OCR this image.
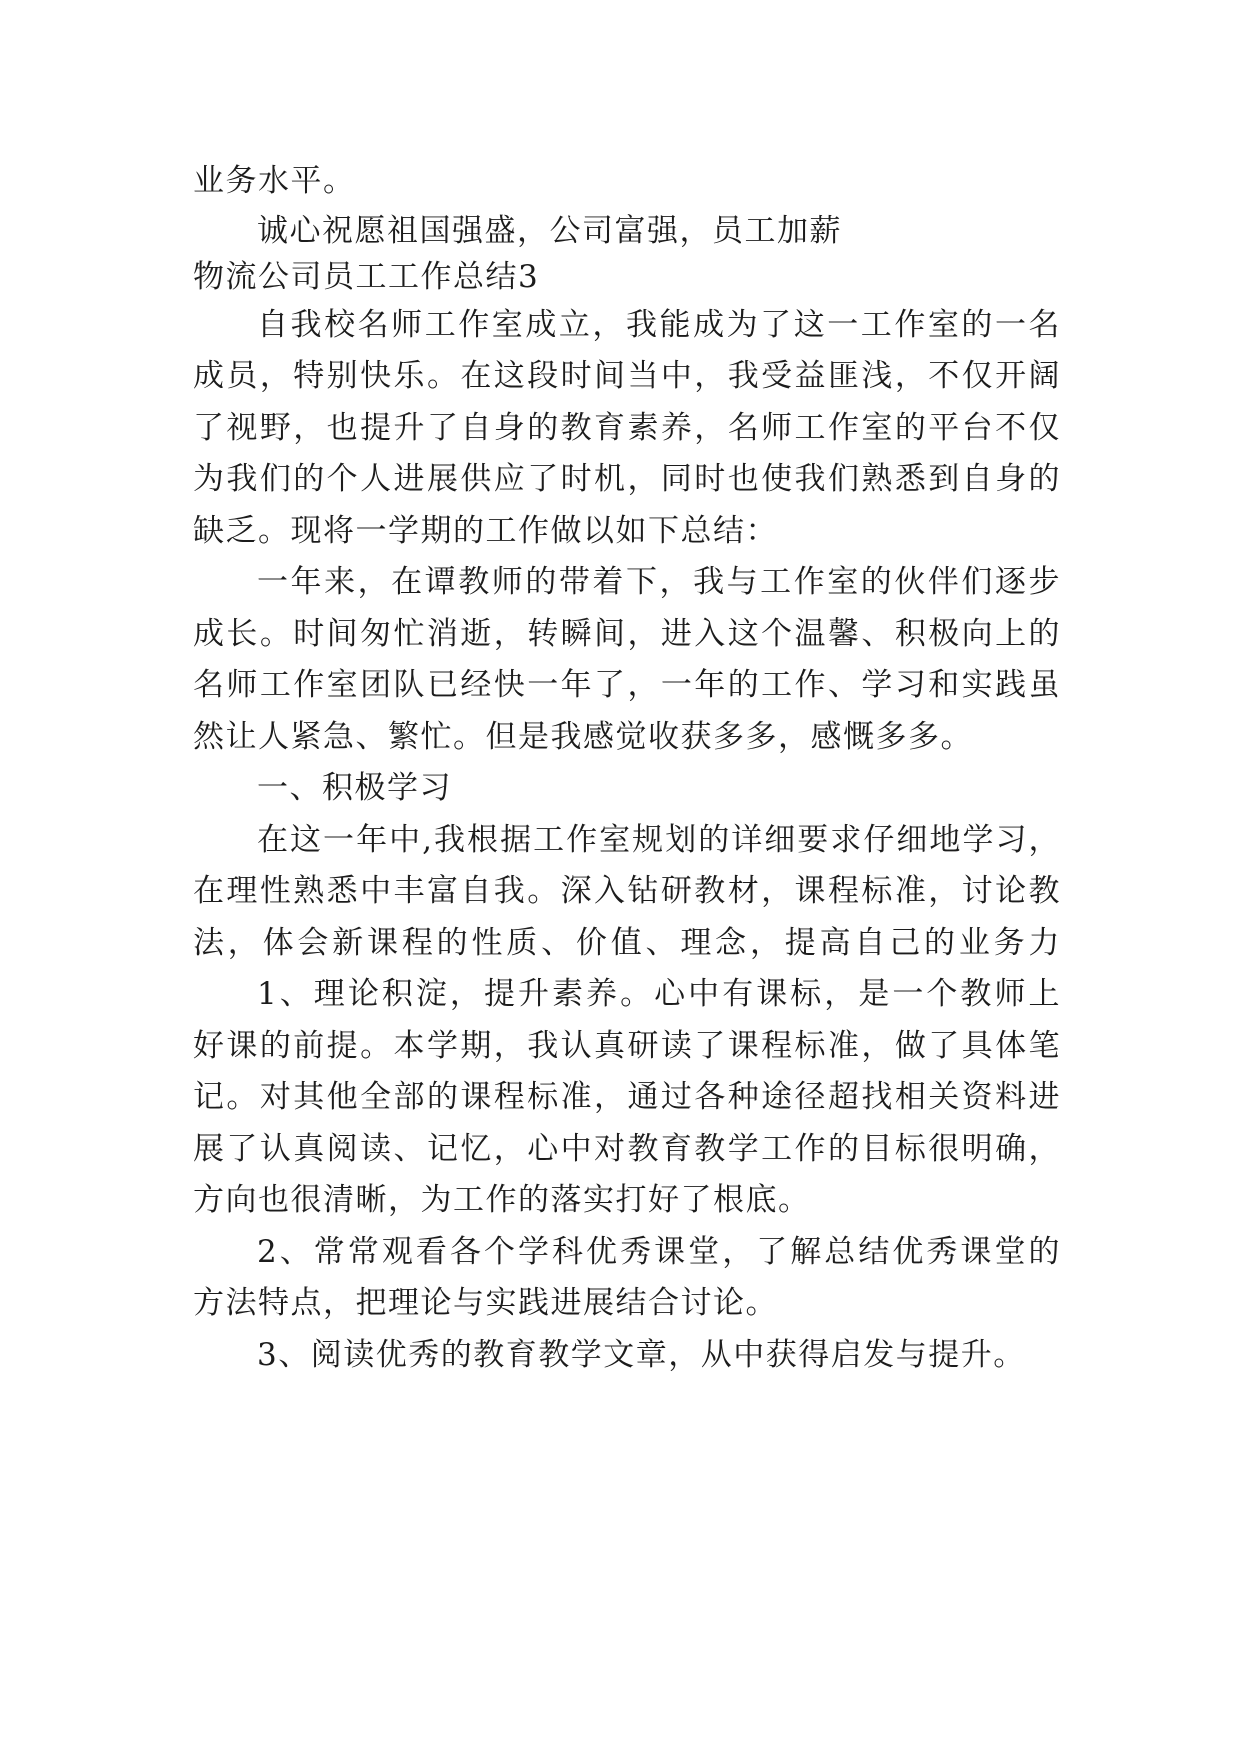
业务水平。
诚心祝愿祖国强盛，公司富强，员工加薪
物流公司员工工作总结3
自我校名师工作室成立，我能成为了这一工作室的一名
成员，特别快乐。在这段时间当中，我受益匪浅，不仅开阔
了视野，也提升了自身的教育素养，名师工作室的平台不仅
为我们的个人进展供应了时机，同时也使我们熟悉到自身的
缺乏。现将一学期的工作做以如下总结：
一年来，在谭教师的带着下，我与工作室的伙伴们逐步
成长。时间匆忙消逝，转瞬间，进入这个温馨、积极向上的
名师工作室团队已经快一年了，一年的工作、学习和实践虽
然让人紧急、繁忙。但是我感觉收获多多，感慨多多。
一、积极学习
在这一年中,我根据工作室规划的详细要求仔细地学习，
在理性熟悉中丰富自我。深入钻研教材，课程标准，讨论教
法，体会新课程的性质、价值、理念，提高自己的业务力
1、理论积淀，提升素养。心中有课标，是一个教师上
好课的前提。本学期，我认真研读了课程标准，做了具体笔
记。对其他全部的课程标准，通过各种途径超找相关资料进
展了认真阅读、记忆，心中对教育教学工作的目标很明确，
方向也很清晰，为工作的落实打好了根底。
2、常常观看各个学科优秀课堂，了解总结优秀课堂的
方法特点，把理论与实践进展结合讨论。
3、阅读优秀的教育教学文章，从中获得启发与提升。
